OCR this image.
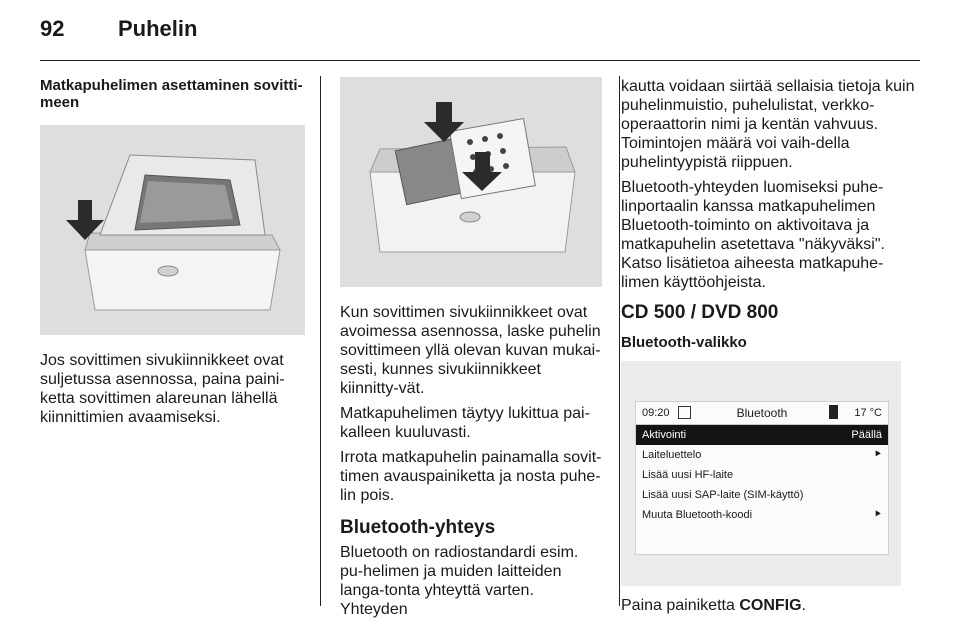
92 Puhelin
Matkapuhelimen asettaminen sovitti-meen

Jos sovittimen sivukiinnikkeet ovat suljetussa asennossa, paina paini-ketta sovittimen alareunan lähellä kiinnittimien avaamiseksi.

Kun sovittimen sivukiinnikkeet ovat avoimessa asennossa, laske puhelin sovittimeen yllä olevan kuvan mukai-sesti, kunnes sivukiinnikkeet kiinnitty-vät.

Matkapuhelimen täytyy lukittua pai-kalleen kuuluvasti.

Irrota matkapuhelin painamalla sovit-timen avauspainiketta ja nosta puhe-lin pois.

Bluetooth-yhteys

Bluetooth on radiostandardi esim. pu-helimen ja muiden laitteiden langa-tonta yhteyttä varten. Yhteyden

kautta voidaan siirtää sellaisia tietoja kuin puhelinmuistio, puhelulistat, verkko-operaattorin nimi ja kentän vahvuus. Toimintojen määrä voi vaih-della puhelintyypistä riippuen.

Bluetooth-yhteyden luomiseksi puhe-linportaalin kanssa matkapuhelimen Bluetooth-toiminto on aktivoitava ja matkapuhelin asetettava "näkyväksi". Katso lisätietoa aiheesta matkapuhe-limen käyttöohjeista.

CD 500 / DVD 800
Bluetooth-valikko
09:20	Bluetooth	17 °C
Aktivointi	Päällä
Laiteluettelo	⯈
Lisää uusi HF-laite
Lisää uusi SAP-laite (SIM-käyttö)
Muuta Bluetooth-koodi	⯈

Paina painiketta CONFIG.
